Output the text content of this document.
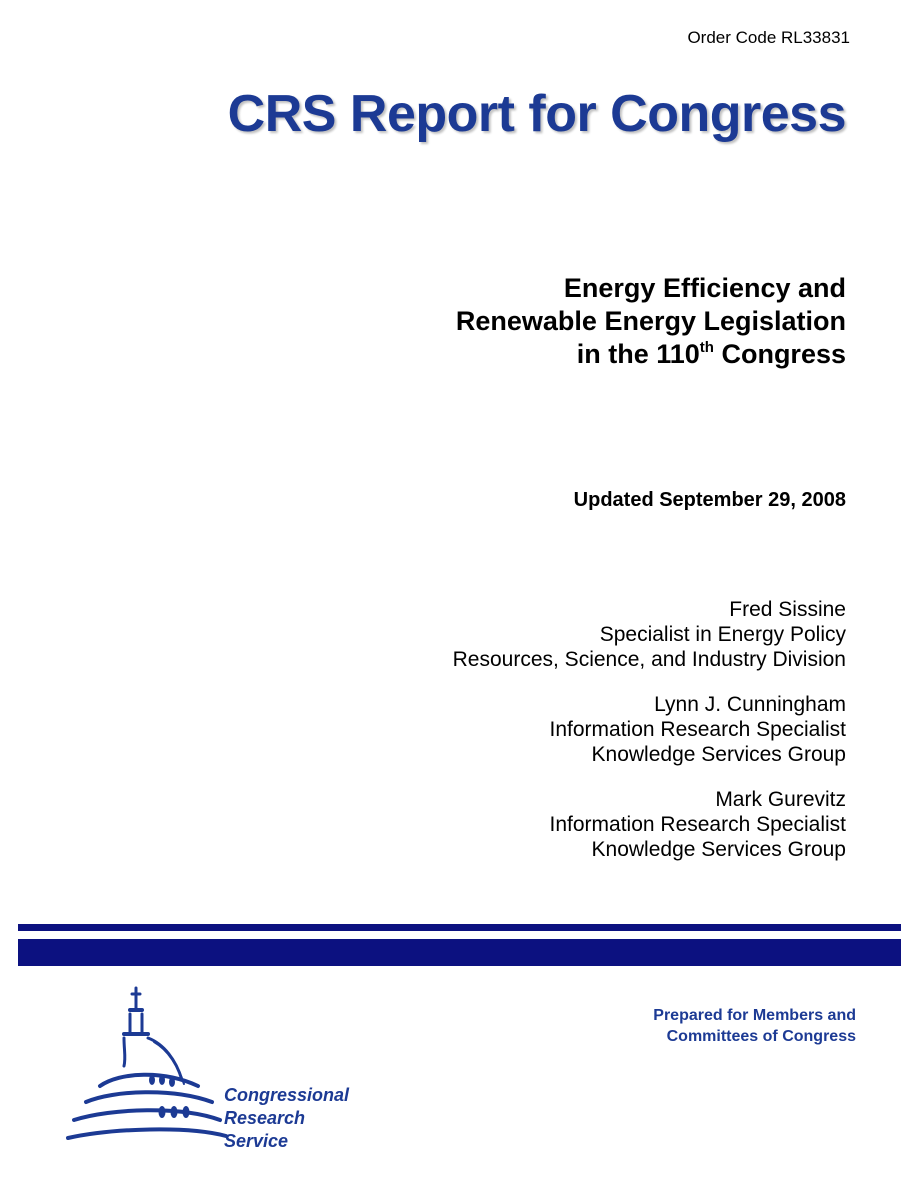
Order Code RL33831
CRS Report for Congress
Energy Efficiency and
Renewable Energy Legislation
in the 110th Congress
Updated September 29, 2008
Fred Sissine
Specialist in Energy Policy
Resources, Science, and Industry Division
Lynn J. Cunningham
Information Research Specialist
Knowledge Services Group
Mark Gurevitz
Information Research Specialist
Knowledge Services Group
Congressional
Research
Service
Prepared for Members and
Committees of Congress
